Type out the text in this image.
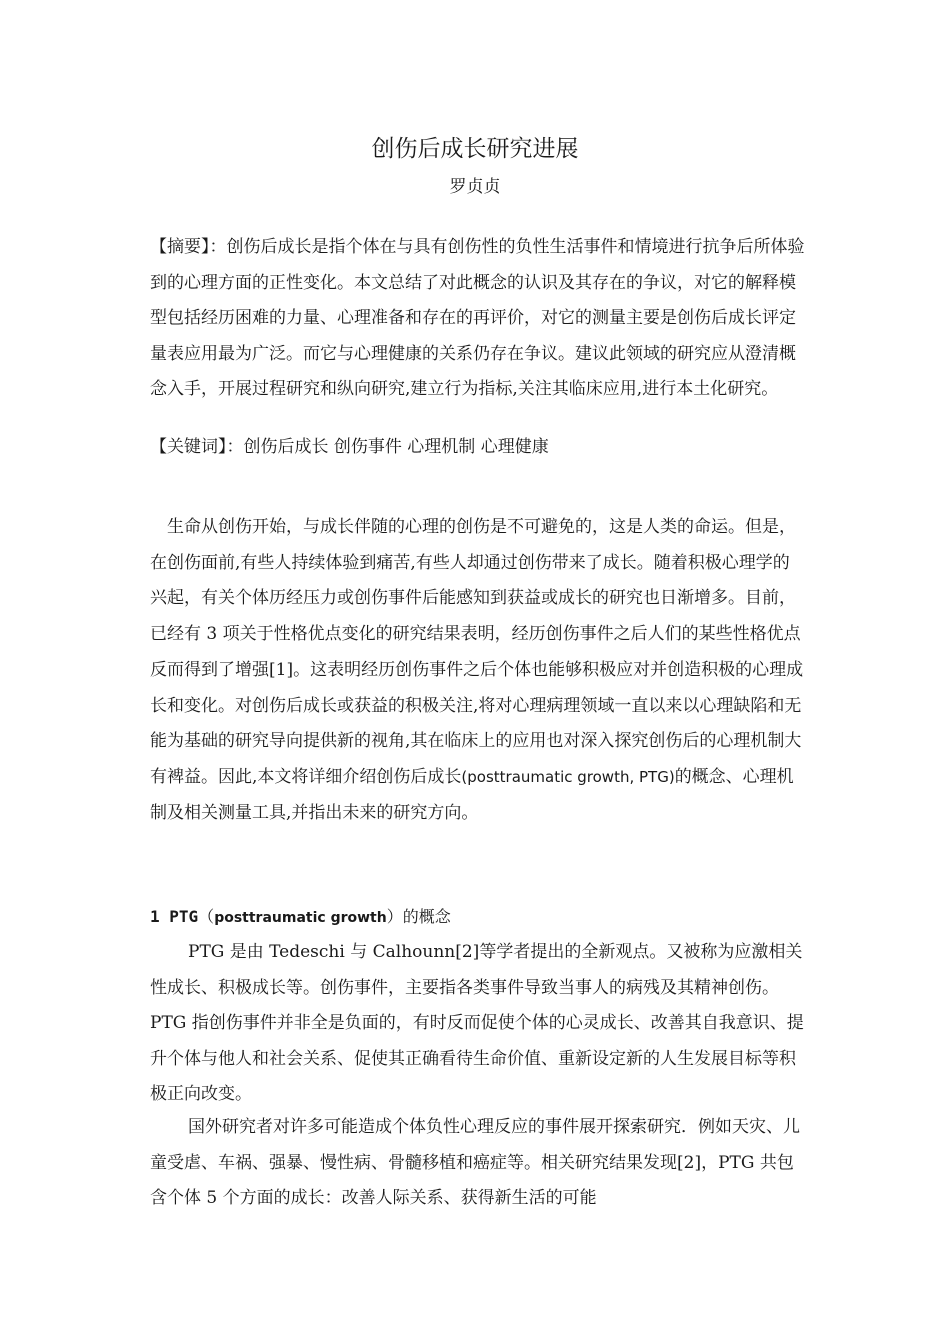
创伤后成长研究进展
罗贞贞
【摘要】：创伤后成长是指个体在与具有创伤性的负性生活事件和情境进行抗争后所体验到的心理方面的正性变化。本文总结了对此概念的认识及其存在的争议，对它的解释模型包括经历困难的力量、心理准备和存在的再评价，对它的测量主要是创伤后成长评定量表应用最为广泛。而它与心理健康的关系仍存在争议。建议此领域的研究应从澄清概念入手，开展过程研究和纵向研究,建立行为指标,关注其临床应用,进行本土化研究。
【关键词】：创伤后成长 创伤事件 心理机制 心理健康
生命从创伤开始，与成长伴随的心理的创伤是不可避免的，这是人类的命运。但是，在创伤面前,有些人持续体验到痛苦,有些人却通过创伤带来了成长。随着积极心理学的兴起，有关个体历经压力或创伤事件后能感知到获益或成长的研究也日渐增多。目前，已经有 3 项关于性格优点变化的研究结果表明，经历创伤事件之后人们的某些性格优点反而得到了增强[1]。这表明经历创伤事件之后个体也能够积极应对并创造积极的心理成长和变化。对创伤后成长或获益的积极关注,将对心理病理领域一直以来以心理缺陷和无能为基础的研究导向提供新的视角,其在临床上的应用也对深入探究创伤后的心理机制大有裨益。因此,本文将详细介绍创伤后成长(posttraumatic growth, PTG)的概念、心理机制及相关测量工具,并指出未来的研究方向。
1 PTG（posttraumatic growth）的概念
PTG 是由 Tedeschi 与 Calhounn[2]等学者提出的全新观点。又被称为应激相关性成长、积极成长等。创伤事件，主要指各类事件导致当事人的病残及其精神创伤。PTG 指创伤事件并非全是负面的，有时反而促使个体的心灵成长、改善其自我意识、提升个体与他人和社会关系、促使其正确看待生命价值、重新设定新的人生发展目标等积极正向改变。
国外研究者对许多可能造成个体负性心理反应的事件展开探索研究．例如天灾、儿童受虐、车祸、强暴、慢性病、骨髓移植和癌症等。相关研究结果发现[2]，PTG 共包含个体 5 个方面的成长：改善人际关系、获得新生活的可能
